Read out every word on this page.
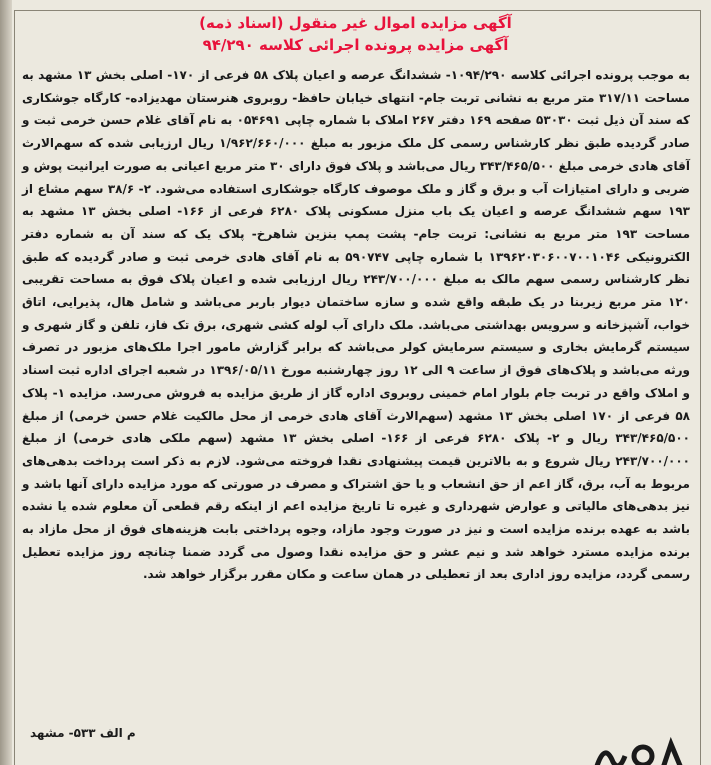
آگهی مزایده اموال غیر منقول (اسناد ذمه)
آگهی مزایده پرونده اجرائی کلاسه ۹۴/۲۹۰
به موجب پرونده اجرائی کلاسه ۱۰۹۴/۲۹۰- ششدانگ عرصه و اعیان پلاک ۵۸ فرعی از ۱۷۰- اصلی بخش ۱۳ مشهد به مساحت ۳۱۷/۱۱ متر مربع به نشانی تربت جام- انتهای خیابان حافظ- روبروی هنرستان مهدیزاده- کارگاه جوشکاری که سند آن ذیل ثبت ۵۳۰۳۰ صفحه ۱۶۹ دفتر ۲۶۷ املاک با شماره چاپی ۰۵۴۶۹۱ به نام آقای غلام حسن خرمی ثبت و صادر گردیده طبق نظر کارشناس رسمی کل ملک مزبور به مبلغ ۱/۹۶۲/۶۶۰/۰۰۰ ریال ارزیابی شده که سهم‌الارث آقای هادی خرمی مبلغ ۳۴۳/۴۶۵/۵۰۰ ریال می‌باشد و پلاک فوق دارای ۳۰ متر مربع اعیانی به صورت ایرانیت پوش و ضربی و دارای امتیازات آب و برق و گاز و ملک موصوف کارگاه جوشکاری استفاده می‌شود. ۲- ۳۸/۶ سهم مشاع از ۱۹۳ سهم ششدانگ عرصه و اعیان یک باب منزل مسکونی پلاک ۶۲۸۰ فرعی از ۱۶۶- اصلی بخش ۱۳ مشهد به مساحت ۱۹۳ متر مربع به نشانی: تربت جام- پشت پمپ بنزین شاهرخ- پلاک یک که سند آن به شماره دفتر الکترونیکی ۱۳۹۶۲۰۳۰۶۰۰۷۰۰۱۰۴۶ با شماره چاپی ۵۹۰۷۴۷ به نام آقای هادی خرمی ثبت و صادر گردیده که طبق نظر کارشناس رسمی سهم مالک به مبلغ ۲۴۳/۷۰۰/۰۰۰ ریال ارزیابی شده و اعیان پلاک فوق به مساحت تقریبی ۱۲۰ متر مربع زیربنا در یک طبقه واقع شده و سازه ساختمان دیوار باربر می‌باشد و شامل هال، پذیرایی، اتاق خواب، آشپزخانه و سرویس بهداشتی می‌باشد. ملک دارای آب لوله کشی شهری، برق تک فاز، تلفن و گاز شهری و سیستم گرمایش بخاری و سیستم سرمایش کولر می‌باشد که برابر گزارش مامور اجرا ملک‌های مزبور در تصرف ورثه می‌باشد و پلاک‌های فوق از ساعت ۹ الی ۱۲ روز چهارشنبه مورخ ۱۳۹۶/۰۵/۱۱ در شعبه اجرای اداره ثبت اسناد و املاک واقع در تربت جام بلوار امام خمینی روبروی اداره گاز از طریق مزایده به فروش می‌رسد. مزایده ۱- پلاک ۵۸ فرعی از ۱۷۰ اصلی بخش ۱۳ مشهد (سهم‌الارث آقای هادی خرمی از محل مالکیت غلام حسن خرمی) از مبلغ ۳۴۳/۴۶۵/۵۰۰ ریال و ۲- پلاک ۶۲۸۰ فرعی از ۱۶۶- اصلی بخش ۱۳ مشهد (سهم ملکی هادی خرمی) از مبلغ ۲۴۳/۷۰۰/۰۰۰ ریال شروع و به بالاترین قیمت پیشنهادی نقدا فروخته می‌شود. لازم به ذکر است پرداخت بدهی‌های مربوط به آب، برق، گاز اعم از حق انشعاب و یا حق اشتراک و مصرف در صورتی که مورد مزایده دارای آنها باشد و نیز بدهی‌های مالیاتی و عوارض شهرداری و غیره تا تاریخ مزایده اعم از اینکه رقم قطعی آن معلوم شده یا نشده باشد به عهده برنده مزایده است و نیز در صورت وجود مازاد، وجوه پرداختی بابت هزینه‌های فوق از محل مازاد به برنده مزایده مسترد خواهد شد و نیم عشر و حق مزایده نقدا وصول می گردد ضمنا چنانچه روز مزایده تعطیل رسمی گردد، مزایده روز اداری بعد از تعطیلی در همان ساعت و مکان مقرر برگزار خواهد شد.
م الف ۵۳۳- مشهد
